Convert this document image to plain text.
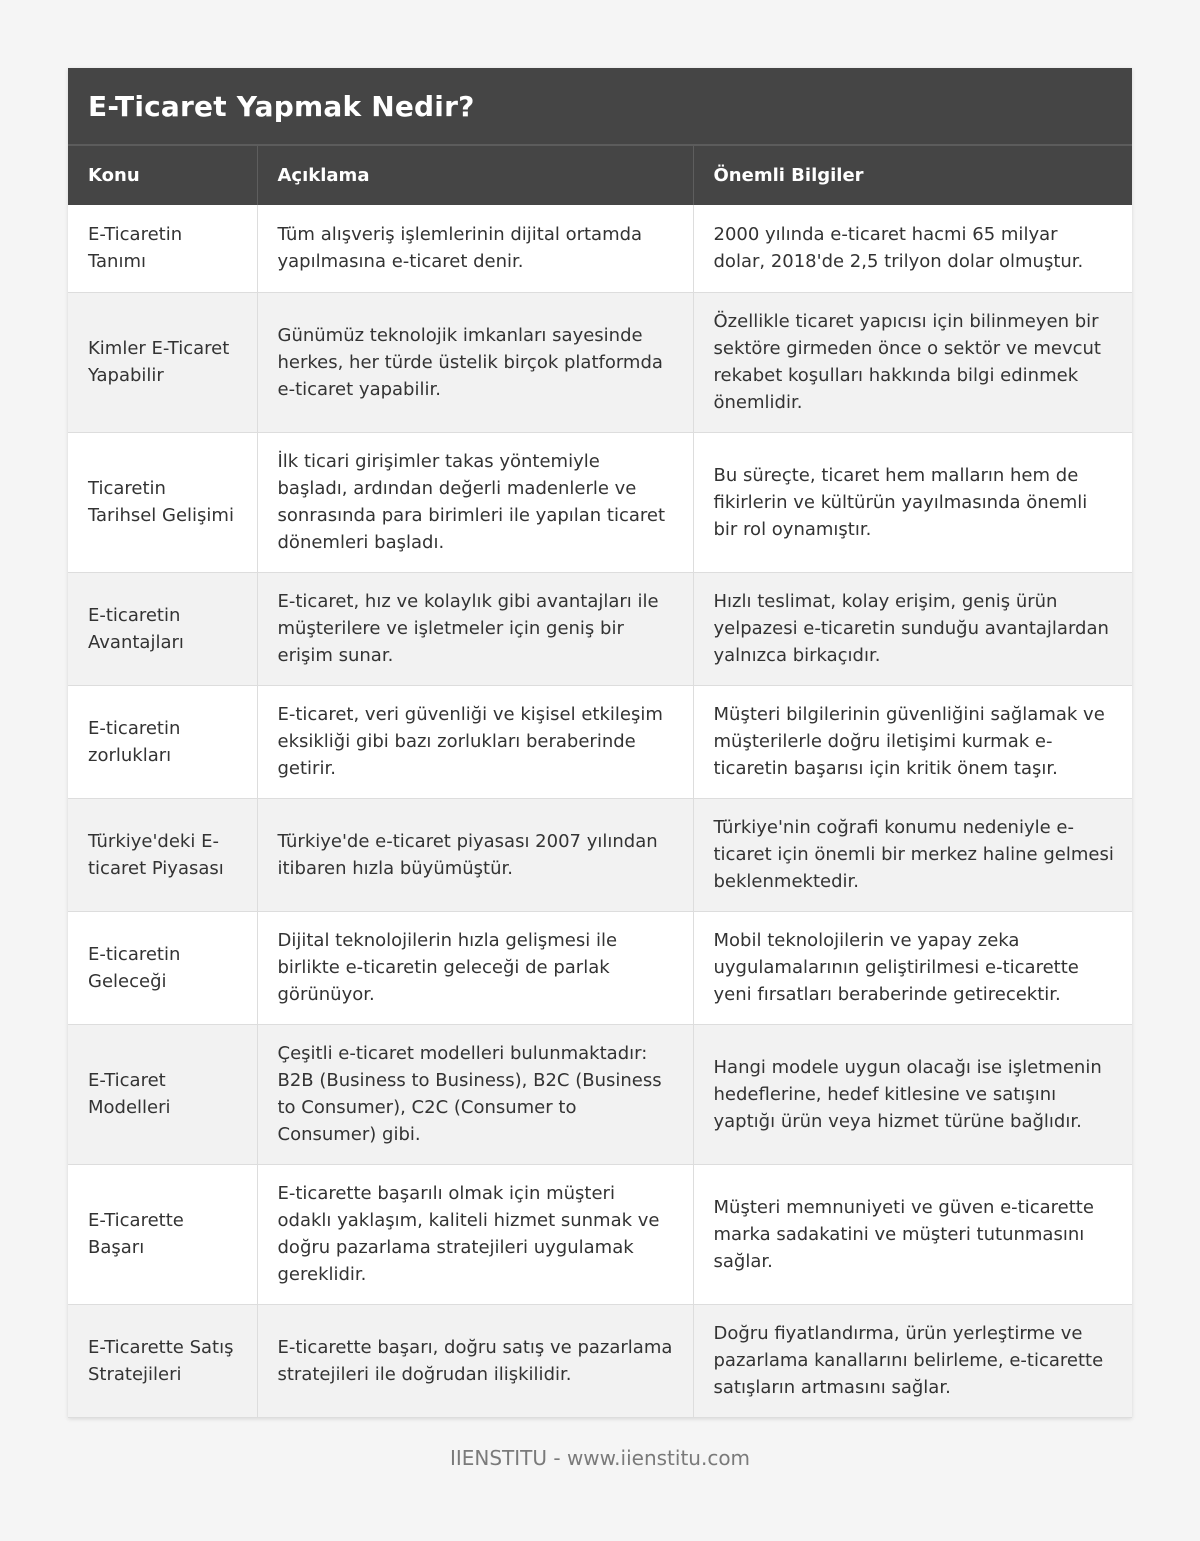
E-Ticaret Yapmak Nedir?
Konu	Açıklama	Önemli Bilgiler
E-Ticaretin Tanımı	Tüm alışveriş işlemlerinin dijital ortamda yapılmasına e-ticaret denir.	2000 yılında e-ticaret hacmi 65 milyar dolar, 2018'de 2,5 trilyon dolar olmuştur.
Kimler E-Ticaret Yapabilir	Günümüz teknolojik imkanları sayesinde herkes, her türde üstelik birçok platformda e-ticaret yapabilir.	Özellikle ticaret yapıcısı için bilinmeyen bir sektöre girmeden önce o sektör ve mevcut rekabet koşulları hakkında bilgi edinmek önemlidir.
Ticaretin Tarihsel Gelişimi	İlk ticari girişimler takas yöntemiyle başladı, ardından değerli madenlerle ve sonrasında para birimleri ile yapılan ticaret dönemleri başladı.	Bu süreçte, ticaret hem malların hem de fikirlerin ve kültürün yayılmasında önemli bir rol oynamıştır.
E-ticaretin Avantajları	E-ticaret, hız ve kolaylık gibi avantajları ile müşterilere ve işletmeler için geniş bir erişim sunar.	Hızlı teslimat, kolay erişim, geniş ürün yelpazesi e-ticaretin sunduğu avantajlardan yalnızca birkaçıdır.
E-ticaretin zorlukları	E-ticaret, veri güvenliği ve kişisel etkileşim eksikliği gibi bazı zorlukları beraberinde getirir.	Müşteri bilgilerinin güvenliğini sağlamak ve müşterilerle doğru iletişimi kurmak e-ticaretin başarısı için kritik önem taşır.
Türkiye'deki E-ticaret Piyasası	Türkiye'de e-ticaret piyasası 2007 yılından itibaren hızla büyümüştür.	Türkiye'nin coğrafi konumu nedeniyle e-ticaret için önemli bir merkez haline gelmesi beklenmektedir.
E-ticaretin Geleceği	Dijital teknolojilerin hızla gelişmesi ile birlikte e-ticaretin geleceği de parlak görünüyor.	Mobil teknolojilerin ve yapay zeka uygulamalarının geliştirilmesi e-ticarette yeni fırsatları beraberinde getirecektir.
E-Ticaret Modelleri	Çeşitli e-ticaret modelleri bulunmaktadır: B2B (Business to Business), B2C (Business to Consumer), C2C (Consumer to Consumer) gibi.	Hangi modele uygun olacağı ise işletmenin hedeflerine, hedef kitlesine ve satışını yaptığı ürün veya hizmet türüne bağlıdır.
E-Ticarette Başarı	E-ticarette başarılı olmak için müşteri odaklı yaklaşım, kaliteli hizmet sunmak ve doğru pazarlama stratejileri uygulamak gereklidir.	Müşteri memnuniyeti ve güven e-ticarette marka sadakatini ve müşteri tutunmasını sağlar.
E-Ticarette Satış Stratejileri	E-ticarette başarı, doğru satış ve pazarlama stratejileri ile doğrudan ilişkilidir.	Doğru fiyatlandırma, ürün yerleştirme ve pazarlama kanallarını belirleme, e-ticarette satışların artmasını sağlar.
IIENSTITU - www.iienstitu.com
